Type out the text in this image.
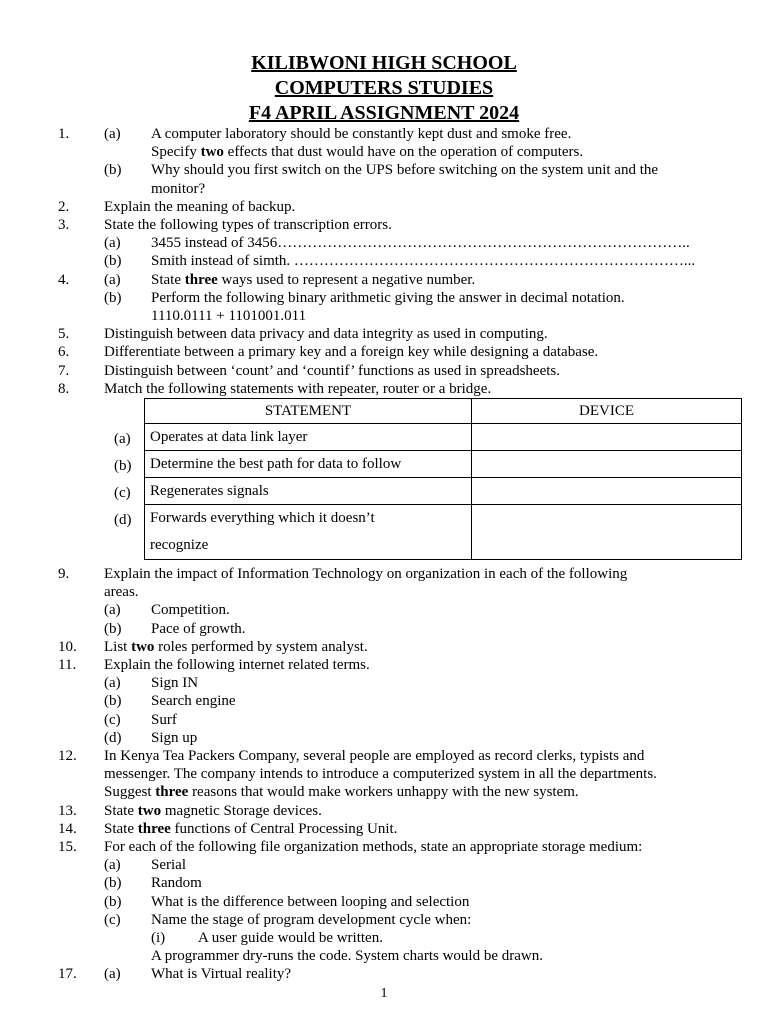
KILIBWONI HIGH SCHOOL
COMPUTERS STUDIES
F4 APRIL ASSIGNMENT 2024
1. (a) A computer laboratory should be constantly kept dust and smoke free.
Specify two effects that dust would have on the operation of computers.
(b) Why should you first switch on the UPS before switching on the system unit and the
monitor?
2. Explain the meaning of backup.
3. State the following types of transcription errors.
(a) 3455 instead of 3456………………………………………………………………………..
(b) Smith instead of simth. ……………………………………………………………………...
4. (a) State three ways used to represent a negative number.
(b) Perform the following binary arithmetic giving the answer in decimal notation.
1110.0111 + 1101001.011
5. Distinguish between data privacy and data integrity as used in computing.
6. Differentiate between a primary key and a foreign key while designing a database.
7. Distinguish between ‘count’ and ‘countif’ functions as used in spreadsheets.
8. Match the following statements with repeater, router or a bridge.
	STATEMENT	DEVICE

(a)	Operates at data link layer	

(b)	Determine the best path for data to follow	

(c)	Regenerates signals	

(d)	Forwards everything which it doesn’t
recognize	

9. Explain the impact of Information Technology on organization in each of the following
areas.
(a) Competition.
(b) Pace of growth.
10. List two roles performed by system analyst.
11. Explain the following internet related terms.
(a) Sign IN
(b) Search engine
(c) Surf
(d) Sign up
12. In Kenya Tea Packers Company, several people are employed as record clerks, typists and
messenger. The company intends to introduce a computerized system in all the departments.
Suggest three reasons that would make workers unhappy with the new system.
13. State two magnetic Storage devices.
14. State three functions of Central Processing Unit.
15. For each of the following file organization methods, state an appropriate storage medium:
(a) Serial
(b) Random
(b) What is the difference between looping and selection
(c) Name the stage of program development cycle when:
(i) A user guide would be written.
A programmer dry-runs the code. System charts would be drawn.
17. (a) What is Virtual reality?
1
